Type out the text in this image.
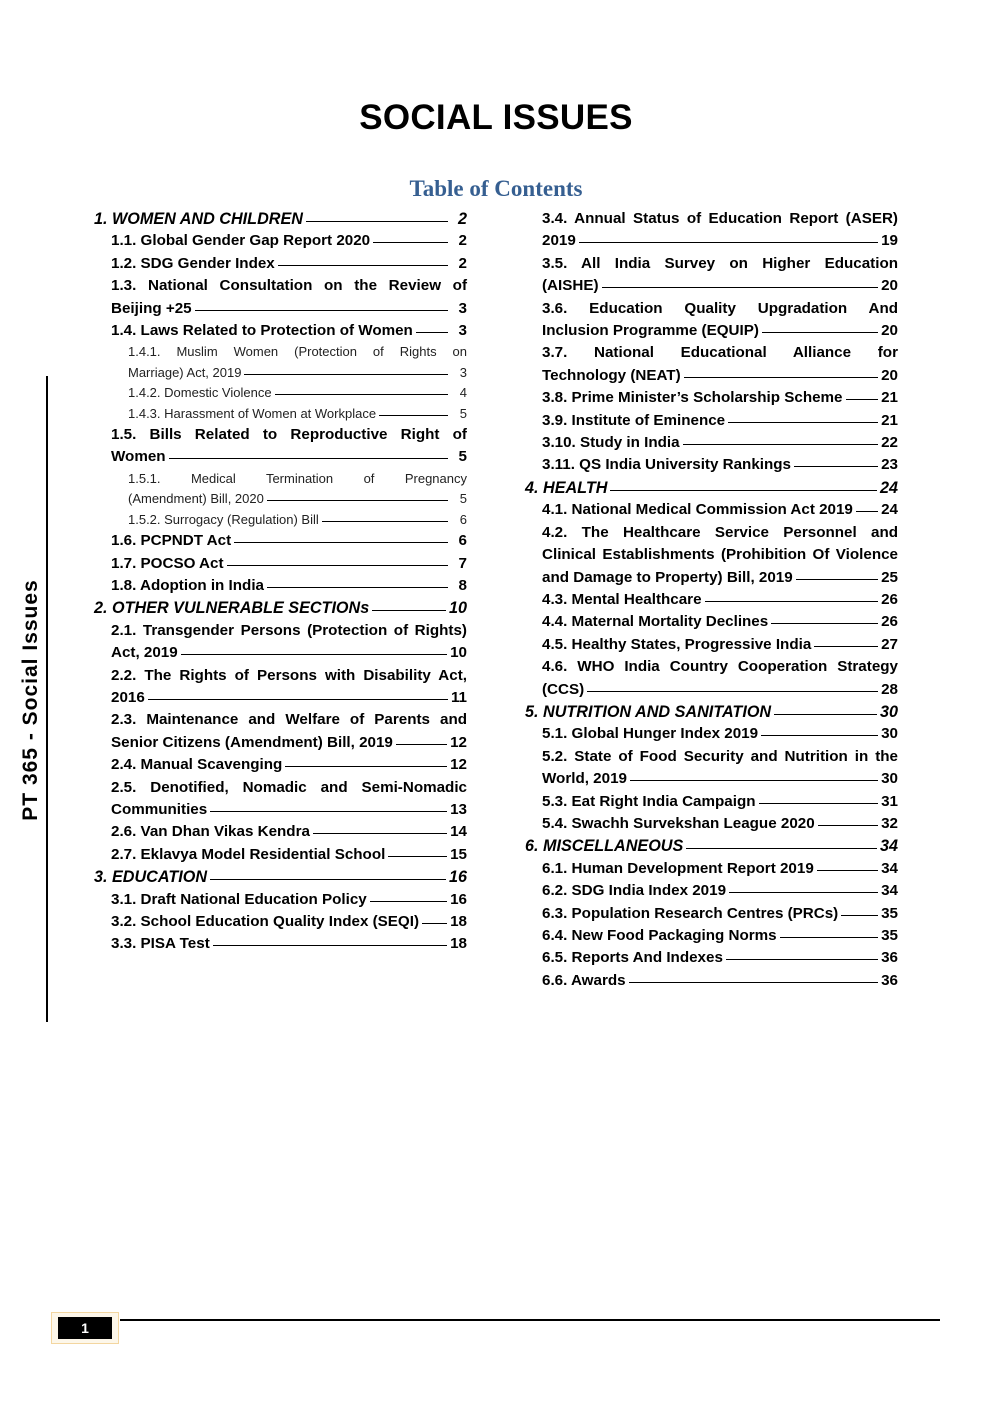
SOCIAL ISSUES
Table of Contents
PT 365 - Social Issues
1. WOMEN AND CHILDREN	2
1.1. Global Gender Gap Report 2020	2
1.2. SDG Gender Index	2
1.3. National Consultation on the Review of
Beijing +25	3
1.4. Laws Related to Protection of Women	3
1.4.1. Muslim Women (Protection of Rights on
Marriage) Act, 2019	3
1.4.2. Domestic Violence	4
1.4.3. Harassment of Women at Workplace	5
1.5. Bills Related to Reproductive Right of
Women	5
1.5.1. Medical Termination of Pregnancy
(Amendment) Bill, 2020	5
1.5.2. Surrogacy (Regulation) Bill	6
1.6. PCPNDT Act	6
1.7. POCSO Act	7
1.8. Adoption in India	8
2. OTHER VULNERABLE SECTIONs	10
2.1. Transgender Persons (Protection of Rights)
Act, 2019	10
2.2. The Rights of Persons with Disability Act,
2016	11
2.3. Maintenance and Welfare of Parents and
Senior Citizens (Amendment) Bill, 2019	12
2.4. Manual Scavenging	12
2.5. Denotified, Nomadic and Semi-Nomadic
Communities	13
2.6. Van Dhan Vikas Kendra	14
2.7. Eklavya Model Residential School	15
3. EDUCATION	16
3.1. Draft National Education Policy	16
3.2. School Education Quality Index (SEQI) 18
3.3. PISA Test	18
3.4. Annual Status of Education Report (ASER)
2019	19
3.5. All India Survey on Higher Education
(AISHE)	20
3.6. Education Quality Upgradation And
Inclusion Programme (EQUIP)	20
3.7. National Educational Alliance for
Technology (NEAT)	20
3.8. Prime Minister’s Scholarship Scheme	21
3.9. Institute of Eminence	21
3.10. Study in India	22
3.11. QS India University Rankings	23
4. HEALTH	24
4.1. National Medical Commission Act 2019 24
4.2. The Healthcare Service Personnel and
Clinical Establishments (Prohibition Of Violence
and Damage to Property) Bill, 2019	25
4.3. Mental Healthcare	26
4.4. Maternal Mortality Declines	26
4.5. Healthy States, Progressive India	27
4.6. WHO India Country Cooperation Strategy
(CCS)	28
5. NUTRITION AND SANITATION	30
5.1. Global Hunger Index 2019	30
5.2. State of Food Security and Nutrition in the
World, 2019	30
5.3. Eat Right India Campaign	31
5.4. Swachh Survekshan League 2020	32
6. MISCELLANEOUS	34
6.1. Human Development Report 2019	34
6.2. SDG India Index 2019	34
6.3. Population Research Centres (PRCs)	35
6.4. New Food Packaging Norms	35
6.5. Reports And Indexes	36
6.6. Awards	36
1
